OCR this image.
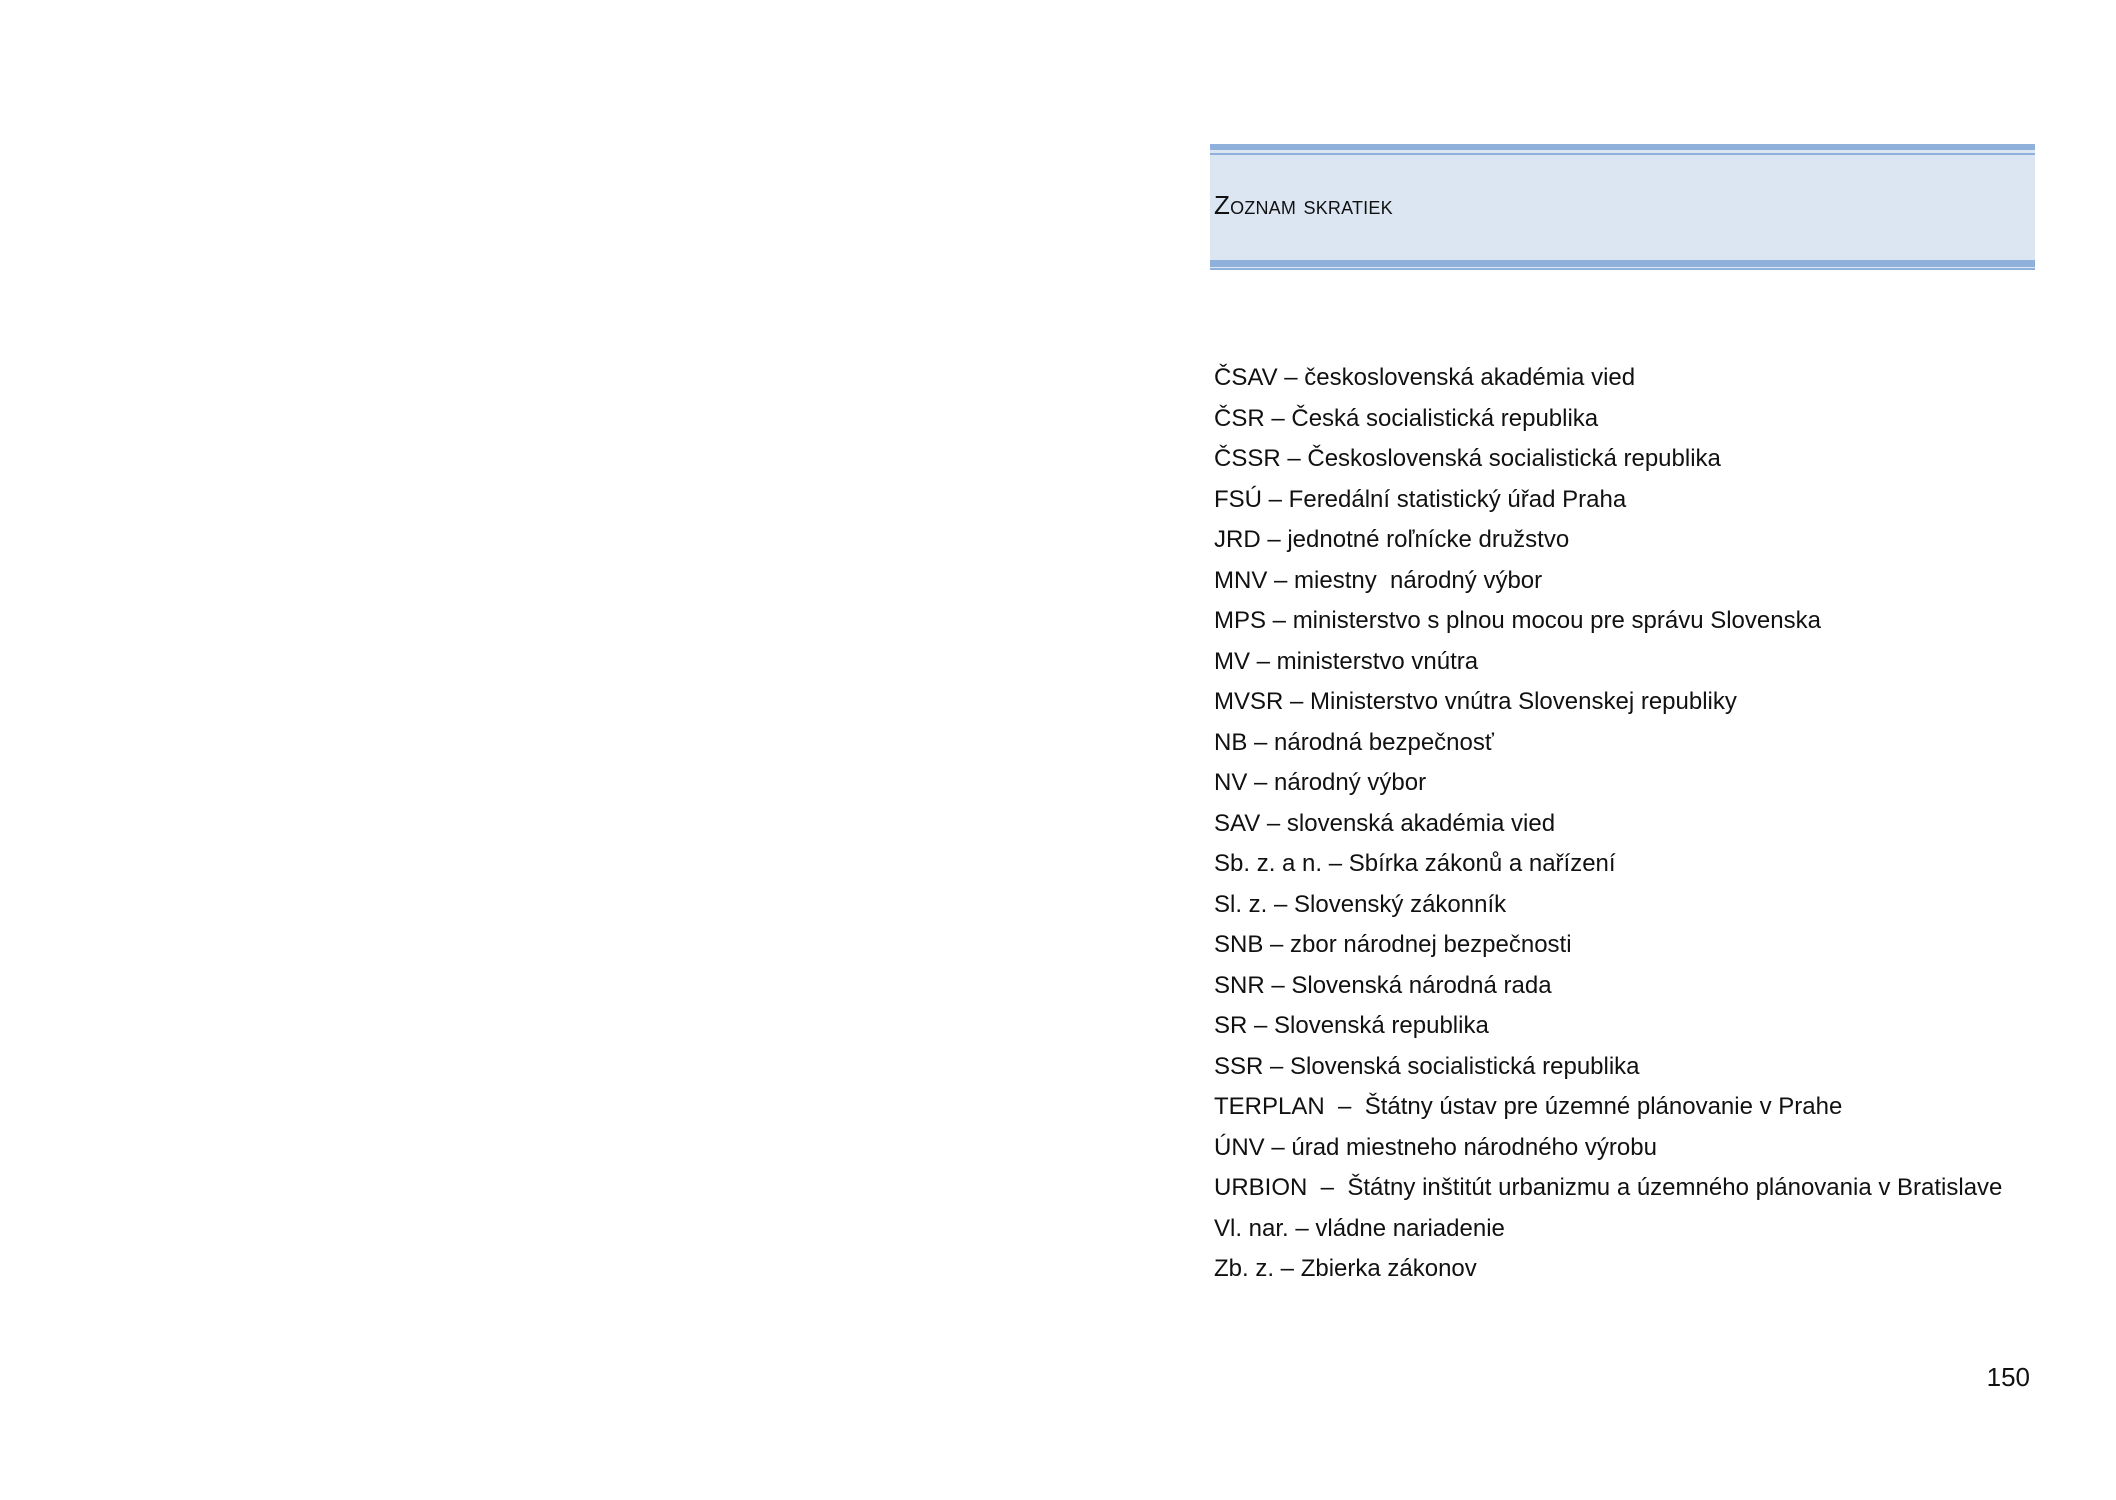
Zoznam skratiek
ČSAV – československá akadémia vied
ČSR – Česká socialistická republika
ČSSR – Československá socialistická republika
FSÚ – Feredální statistický úřad Praha
JRD – jednotné roľnícke družstvo
MNV – miestny  národný výbor
MPS – ministerstvo s plnou mocou pre správu Slovenska
MV – ministerstvo vnútra
MVSR – Ministerstvo vnútra Slovenskej republiky
NB – národná bezpečnosť
NV – národný výbor
SAV – slovenská akadémia vied
Sb. z. a n. – Sbírka zákonů a nařízení
Sl. z. – Slovenský zákonník
SNB – zbor národnej bezpečnosti
SNR – Slovenská národná rada
SR – Slovenská republika
SSR – Slovenská socialistická republika
TERPLAN  –  Štátny ústav pre územné plánovanie v Prahe
ÚNV – úrad miestneho národného výrobu
URBION  –  Štátny inštitút urbanizmu a územného plánovania v Bratislave
Vl. nar. – vládne nariadenie
Zb. z. – Zbierka zákonov
150
